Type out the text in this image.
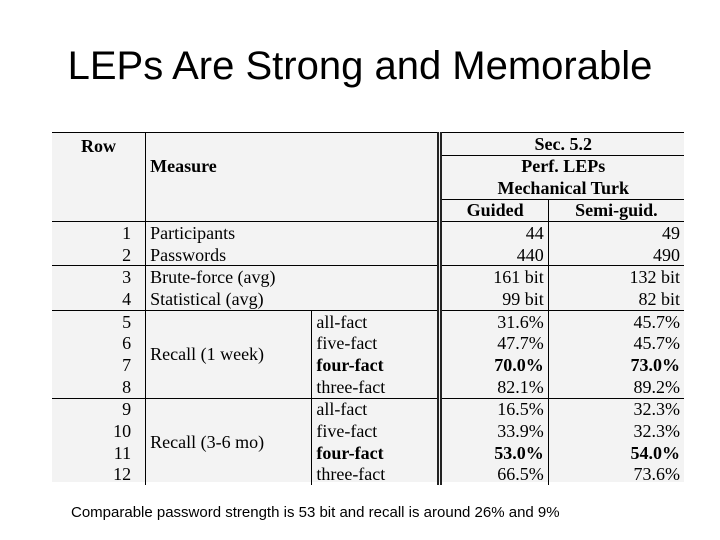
LEPs Are Strong and Memorable
Row	Measure		Sec. 5.2	
			Perf. LEPs	
			Mechanical Turk	
			Guided	Semi-guid.
1	Participants		44	49
2	Passwords		440	490
3	Brute-force (avg)		161 bit	132 bit
4	Statistical (avg)		99 bit	82 bit
5	Recall (1 week)	all-fact	31.6%	45.7%
6		five-fact	47.7%	45.7%
7		four-fact	70.0%	73.0%
8		three-fact	82.1%	89.2%
9	Recall (3-6 mo)	all-fact	16.5%	32.3%
10		five-fact	33.9%	32.3%
11		four-fact	53.0%	54.0%
12		three-fact	66.5%	73.6%
Comparable password strength is 53 bit and recall is around 26% and 9%
